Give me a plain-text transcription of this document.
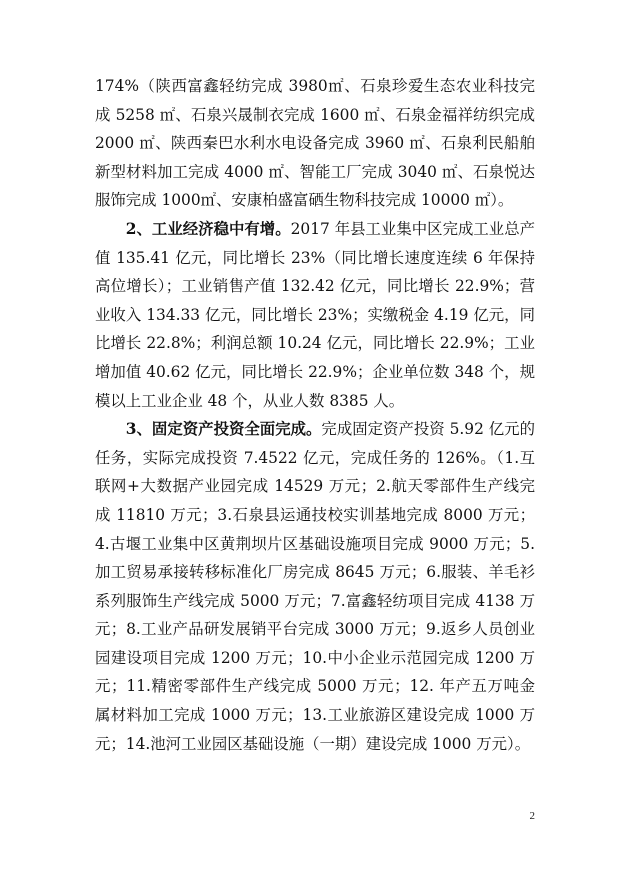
174%（陕西富鑫轻纺完成 3980㎡、石泉珍爱生态农业科技完成 5258 ㎡、石泉兴晟制衣完成 1600 ㎡、石泉金福祥纺织完成 2000 ㎡、陕西秦巴水利水电设备完成 3960 ㎡、石泉利民船舶新型材料加工完成 4000 ㎡、智能工厂完成 3040 ㎡、石泉悦达服饰完成 1000㎡、安康柏盛富硒生物科技完成 10000 ㎡）。

2、工业经济稳中有增。2017 年县工业集中区完成工业总产值 135.41 亿元，同比增长 23%（同比增长速度连续 6 年保持高位增长）；工业销售产值 132.42 亿元，同比增长 22.9%；营业收入 134.33 亿元，同比增长 23%；实缴税金 4.19 亿元，同比增长 22.8%；利润总额 10.24 亿元，同比增长 22.9%；工业增加值 40.62 亿元，同比增长 22.9%；企业单位数 348 个，规模以上工业企业 48 个，从业人数 8385 人。

3、固定资产投资全面完成。完成固定资产投资 5.92 亿元的任务，实际完成投资 7.4522 亿元，完成任务的 126%。（1.互联网+大数据产业园完成 14529 万元；2.航天零部件生产线完成 11810 万元；3.石泉县运通技校实训基地完成 8000 万元；4.古堰工业集中区黄荆坝片区基础设施项目完成 9000 万元；5.加工贸易承接转移标准化厂房完成 8645 万元；6.服装、羊毛衫系列服饰生产线完成 5000 万元；7.富鑫轻纺项目完成 4138 万元；8.工业产品研发展销平台完成 3000 万元；9.返乡人员创业园建设项目完成 1200 万元；10.中小企业示范园完成 1200 万元；11.精密零部件生产线完成 5000 万元；12. 年产五万吨金属材料加工完成 1000 万元；13.工业旅游区建设完成 1000 万元；14.池河工业园区基础设施（一期）建设完成 1000 万元）。

2
